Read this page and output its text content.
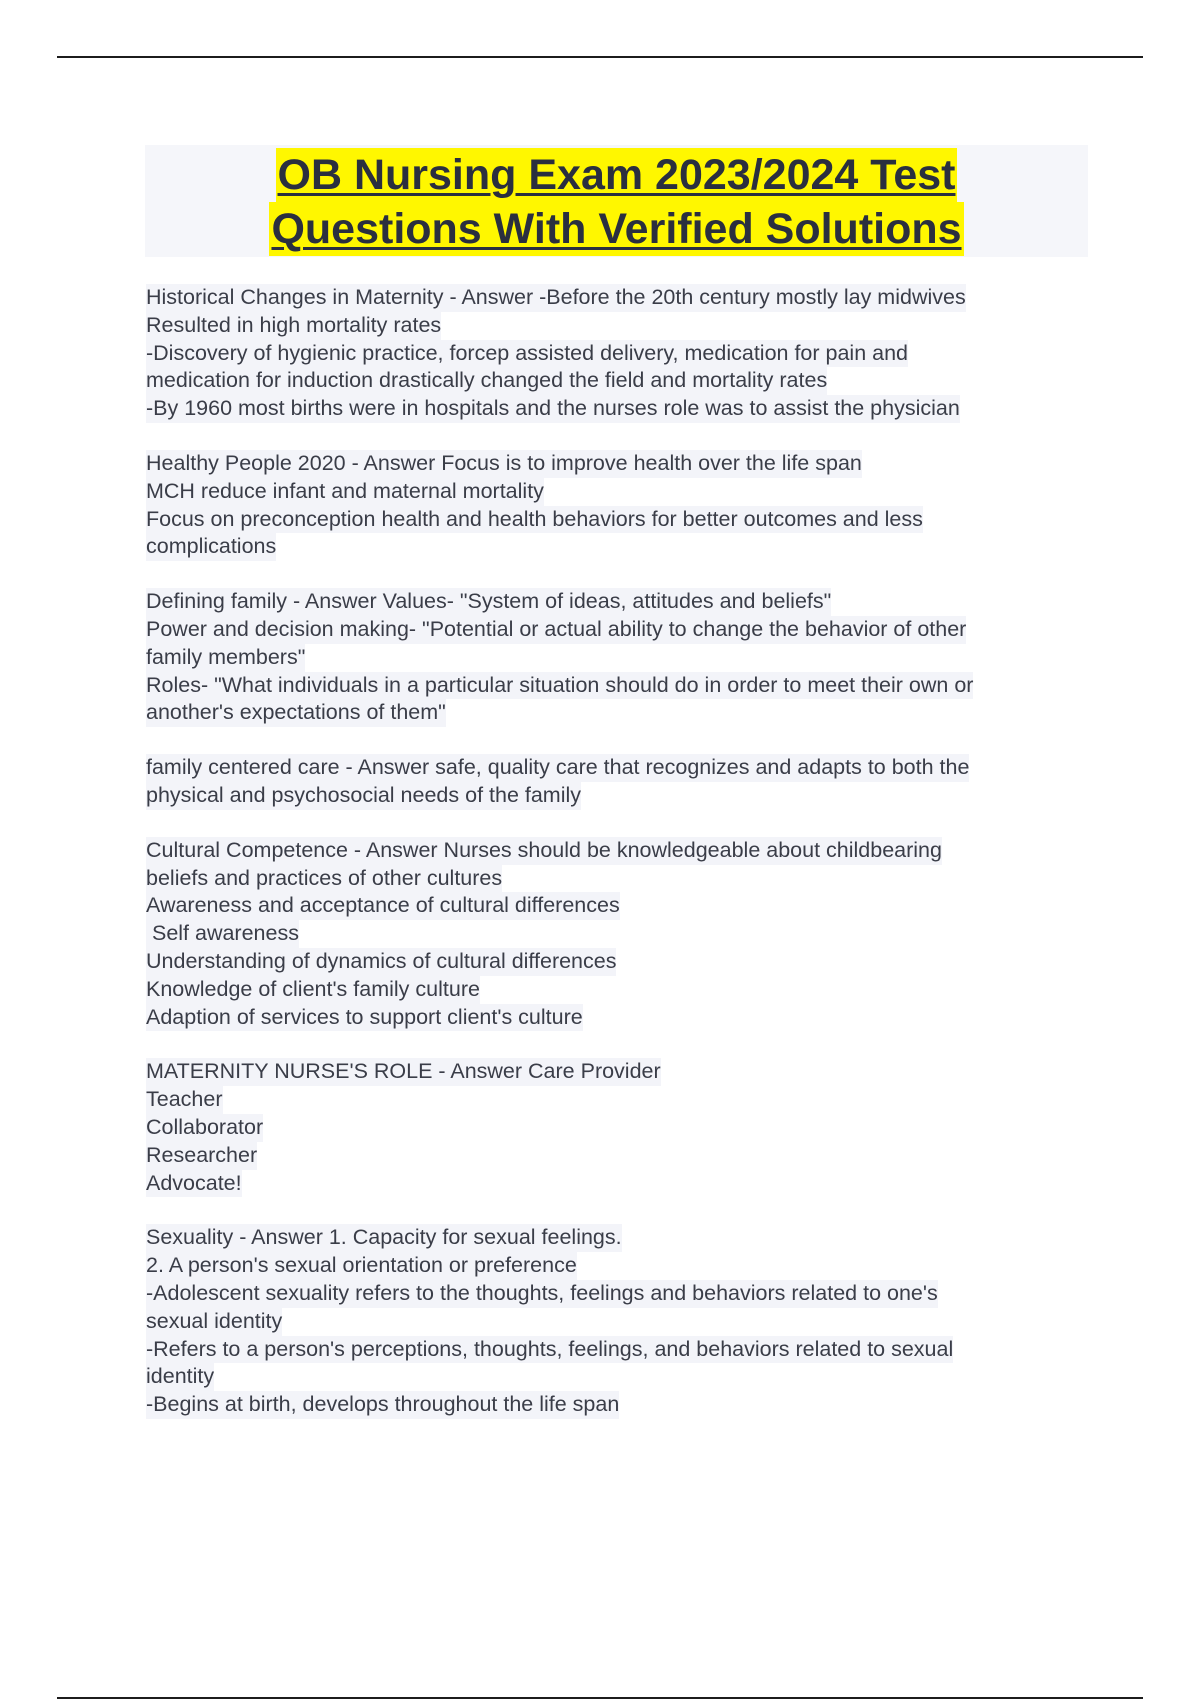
OB Nursing Exam 2023/2024 Test
Questions With Verified Solutions
Historical Changes in Maternity - Answer -Before the 20th century mostly lay midwives
Resulted in high mortality rates
-Discovery of hygienic practice, forcep assisted delivery, medication for pain and
medication for induction drastically changed the field and mortality rates
-By 1960 most births were in hospitals and the nurses role was to assist the physician
Healthy People 2020 - Answer Focus is to improve health over the life span
MCH reduce infant and maternal mortality
Focus on preconception health and health behaviors for better outcomes and less
complications
Defining family - Answer Values- "System of ideas, attitudes and beliefs"
Power and decision making- "Potential or actual ability to change the behavior of other
family members"
Roles- "What individuals in a particular situation should do in order to meet their own or
another's expectations of them"
family centered care - Answer safe, quality care that recognizes and adapts to both the
physical and psychosocial needs of the family
Cultural Competence - Answer Nurses should be knowledgeable about childbearing
beliefs and practices of other cultures
Awareness and acceptance of cultural differences
Self awareness
Understanding of dynamics of cultural differences
Knowledge of client's family culture
Adaption of services to support client's culture
MATERNITY NURSE'S ROLE - Answer Care Provider
Teacher
Collaborator
Researcher
Advocate!
Sexuality - Answer 1. Capacity for sexual feelings.
2. A person's sexual orientation or preference
-Adolescent sexuality refers to the thoughts, feelings and behaviors related to one's
sexual identity
-Refers to a person's perceptions, thoughts, feelings, and behaviors related to sexual
identity
-Begins at birth, develops throughout the life span
